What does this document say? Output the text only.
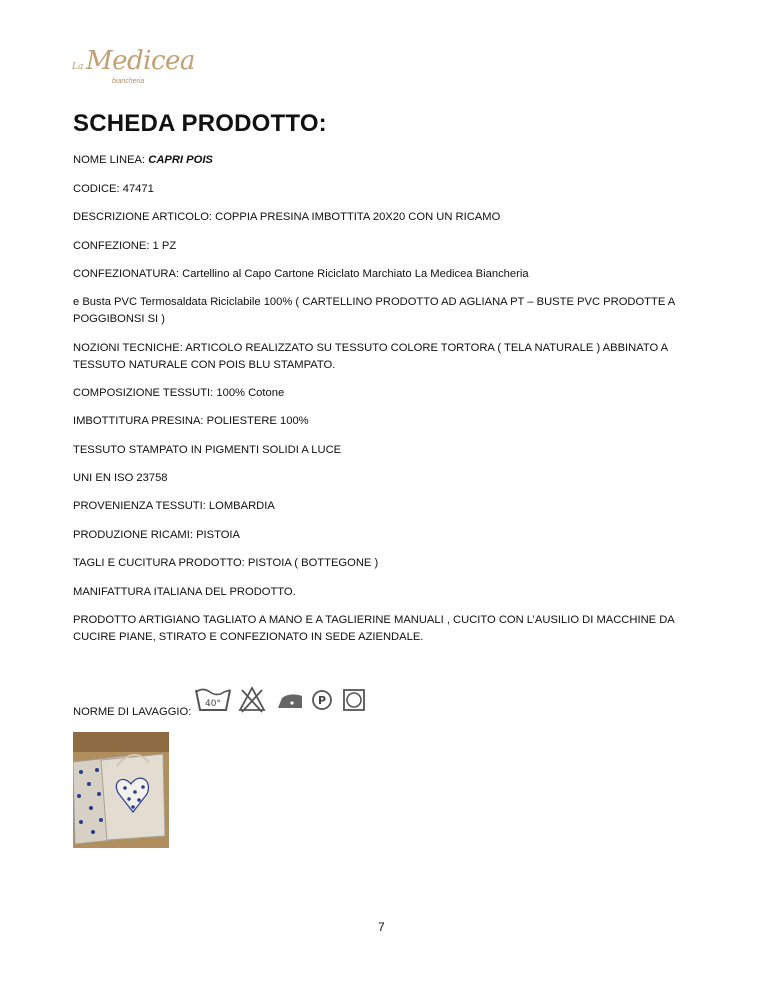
La Medicea
biancheria
SCHEDA PRODOTTO:

NOME LINEA: CAPRI POIS

CODICE: 47471

DESCRIZIONE ARTICOLO: COPPIA PRESINA IMBOTTITA 20X20 CON UN RICAMO

CONFEZIONE: 1 PZ

CONFEZIONATURA: Cartellino al Capo Cartone Riciclato Marchiato La Medicea Biancheria

e Busta PVC Termosaldata Riciclabile 100% ( CARTELLINO PRODOTTO AD AGLIANA PT – BUSTE PVC PRODOTTE A POGGIBONSI SI )

NOZIONI TECNICHE: ARTICOLO REALIZZATO SU TESSUTO COLORE TORTORA ( TELA NATURALE ) ABBINATO A TESSUTO NATURALE CON POIS BLU STAMPATO.

COMPOSIZIONE TESSUTI: 100% Cotone

IMBOTTITURA PRESINA: POLIESTERE 100%

TESSUTO STAMPATO IN PIGMENTI SOLIDI A LUCE

UNI EN ISO 23758

PROVENIENZA TESSUTI: LOMBARDIA

PRODUZIONE RICAMI: PISTOIA

TAGLI E CUCITURA PRODOTTO: PISTOIA ( BOTTEGONE )

MANIFATTURA ITALIANA DEL PRODOTTO.

PRODOTTO ARTIGIANO TAGLIATO A MANO E A TAGLIERINE MANUALI , CUCITO CON L’AUSILIO DI MACCHINE DA CUCIRE PIANE, STIRATO E CONFEZIONATO IN SEDE AZIENDALE.

NORME DI LAVAGGIO:

40°	P
7
